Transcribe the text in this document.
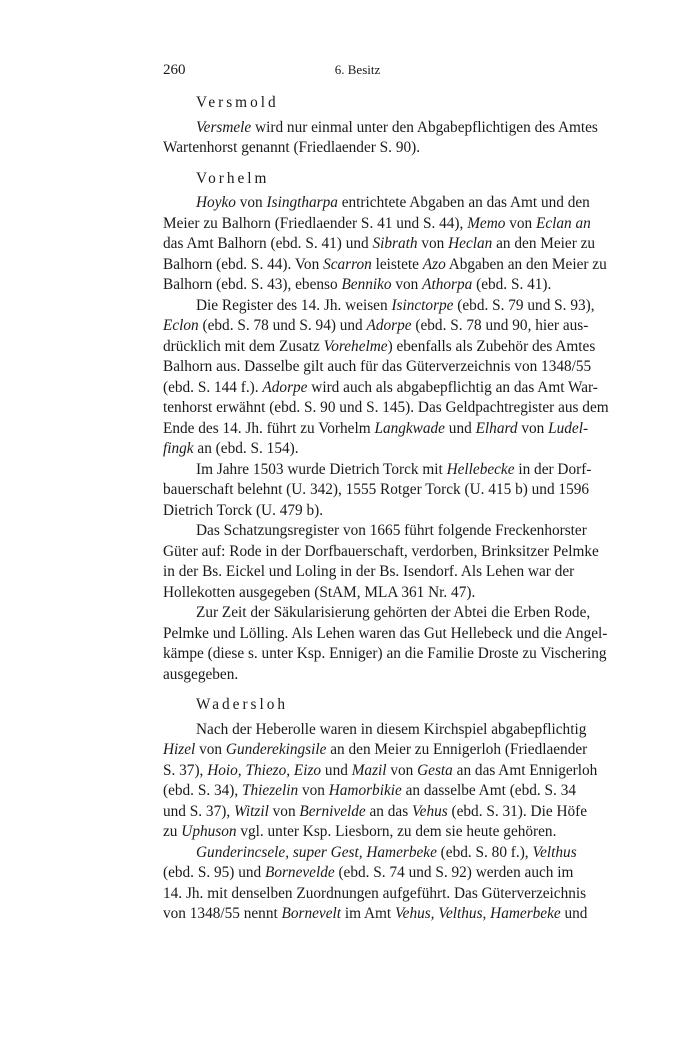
260	6. Besitz
Versmold
Versmele wird nur einmal unter den Abgabepflichtigen des Amtes
Wartenhorst genannt (Friedlaender S. 90).
Vorhelm
Hoyko von Isingtharpa entrichtete Abgaben an das Amt und den
Meier zu Balhorn (Friedlaender S. 41 und S. 44), Memo von Eclan an
das Amt Balhorn (ebd. S. 41) und Sibrath von Heclan an den Meier zu
Balhorn (ebd. S. 44). Von Scarron leistete Azo Abgaben an den Meier zu
Balhorn (ebd. S. 43), ebenso Benniko von Athorpa (ebd. S. 41).
Die Register des 14. Jh. weisen Isinctorpe (ebd. S. 79 und S. 93),
Eclon (ebd. S. 78 und S. 94) und Adorpe (ebd. S. 78 und 90, hier aus-
drücklich mit dem Zusatz Vorehelme) ebenfalls als Zubehör des Amtes
Balhorn aus. Dasselbe gilt auch für das Güterverzeichnis von 1348/55
(ebd. S. 144 f.). Adorpe wird auch als abgabepflichtig an das Amt War-
tenhorst erwähnt (ebd. S. 90 und S. 145). Das Geldpachtregister aus dem
Ende des 14. Jh. führt zu Vorhelm Langkwade und Elhard von Ludel-
fingk an (ebd. S. 154).
Im Jahre 1503 wurde Dietrich Torck mit Hellebecke in der Dorf-
bauerschaft belehnt (U. 342), 1555 Rotger Torck (U. 415 b) und 1596
Dietrich Torck (U. 479 b).
Das Schatzungsregister von 1665 führt folgende Freckenhorster
Güter auf: Rode in der Dorfbauerschaft, verdorben, Brinksitzer Pelmke
in der Bs. Eickel und Loling in der Bs. Isendorf. Als Lehen war der
Hollekotten ausgegeben (StAM, MLA 361 Nr. 47).
Zur Zeit der Säkularisierung gehörten der Abtei die Erben Rode,
Pelmke und Lölling. Als Lehen waren das Gut Hellebeck und die Angel-
kämpe (diese s. unter Ksp. Enniger) an die Familie Droste zu Vischering
ausgegeben.
Wadersloh
Nach der Heberolle waren in diesem Kirchspiel abgabepflichtig
Hizel von Gunderekingsile an den Meier zu Ennigerloh (Friedlaender
S. 37), Hoio, Thiezo, Eizo und Mazil von Gesta an das Amt Ennigerloh
(ebd. S. 34), Thiezelin von Hamorbikie an dasselbe Amt (ebd. S. 34
und S. 37), Witzil von Bernivelde an das Vehus (ebd. S. 31). Die Höfe
zu Uphuson vgl. unter Ksp. Liesborn, zu dem sie heute gehören.
Gunderincsele, super Gest, Hamerbeke (ebd. S. 80 f.), Velthus
(ebd. S. 95) und Bornevelde (ebd. S. 74 und S. 92) werden auch im
14. Jh. mit denselben Zuordnungen aufgeführt. Das Güterverzeichnis
von 1348/55 nennt Bornevelt im Amt Vehus, Velthus, Hamerbeke und
